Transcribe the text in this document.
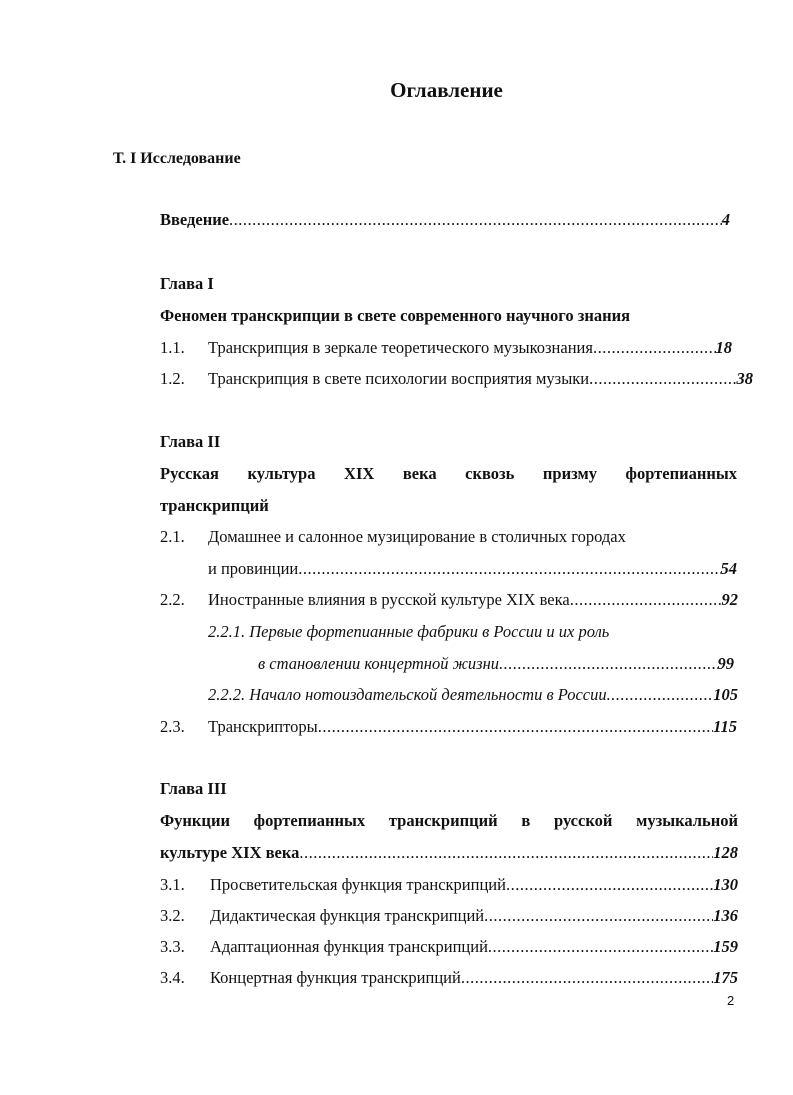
Оглавление
Т. I Исследование
Введение .....	4
Глава I
Феномен транскрипции в свете современного научного знания
1.1. Транскрипция в зеркале теоретического музыкознания .....	18
1.2. Транскрипция в свете психологии восприятия музыки .....	38
Глава II
Русская культура XIX века сквозь призму фортепианных
транскрипций
2.1. Домашнее и салонное музицирование в столичных городах
и провинции .....	54
2.2. Иностранные влияния в русской культуре XIX века .....	92
2.2.1. Первые фортепианные фабрики в России и их роль
в становлении концертной жизни .....	99
2.2.2. Начало нотоиздательской деятельности в России .....	105
2.3. Транскрипторы .....	115
Глава III
Функции фортепианных транскрипций в русской музыкальной
культуре XIX века .....	128
3.1. Просветительская функция транскрипций .....	130
3.2. Дидактическая функция транскрипций .....	136
3.3. Адаптационная функция транскрипций .....	159
3.4. Концертная функция транскрипций .....	175
2
